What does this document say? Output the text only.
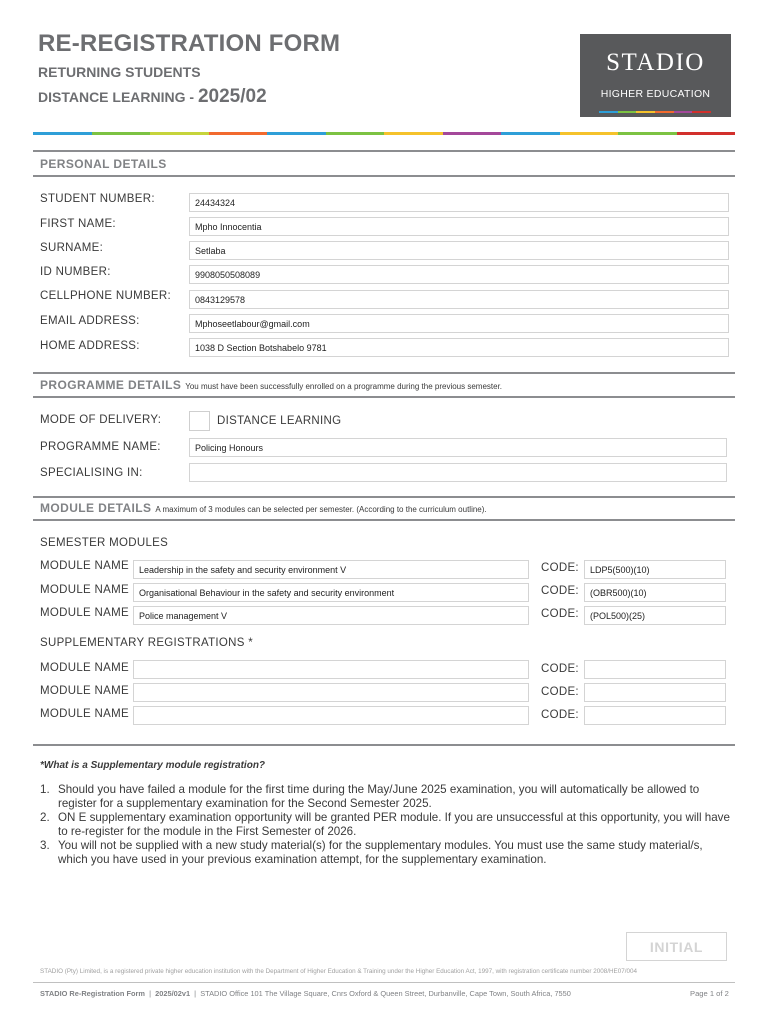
RE-REGISTRATION FORM
RETURNING STUDENTS
DISTANCE LEARNING - 2025/02
STADIO
HIGHER EDUCATION
PERSONAL DETAILS
STUDENT NUMBER:	24434324
FIRST NAME:	Mpho Innocentia
SURNAME:	Setlaba
ID NUMBER:	9908050508089
CELLPHONE NUMBER:	0843129578
EMAIL ADDRESS:	Mphoseetlabour@gmail.com
HOME ADDRESS:	1038 D Section Botshabelo 9781
PROGRAMME DETAILS You must have been successfully enrolled on a programme during the previous semester.
MODE OF DELIVERY:	DISTANCE LEARNING
PROGRAMME NAME:	Policing Honours
SPECIALISING IN:
MODULE DETAILS A maximum of 3 modules can be selected per semester. (According to the curriculum outline).
SEMESTER MODULES
MODULE NAME	Leadership in the safety and security environment V	CODE:	LDP5(500)(10)
MODULE NAME	Organisational Behaviour in the safety and security environment	CODE:	(OBR500)(10)
MODULE NAME	Police management V	CODE:	(POL500)(25)
SUPPLEMENTARY REGISTRATIONS *
MODULE NAME	CODE:
MODULE NAME	CODE:
MODULE NAME	CODE:
*What is a Supplementary module registration?
1. Should you have failed a module for the first time during the May/June 2025 examination, you will automatically be allowed to register for a supplementary examination for the Second Semester 2025.
2. ON E supplementary examination opportunity will be granted PER module. If you are unsuccessful at this opportunity, you will have to re-register for the module in the First Semester of 2026.
3. You will not be supplied with a new study material(s) for the supplementary modules. You must use the same study material/s, which you have used in your previous examination attempt, for the supplementary examination.
INITIAL
STADIO (Pty) Limited, is a registered private higher education institution with the Department of Higher Education & Training under the Higher Education Act, 1997, with registration certificate number 2008/HE07/004
STADIO Re-Registration Form  |  2025/02v1  |  STADIO Office 101 The Village Square, Cnrs Oxford & Queen Street, Durbanville, Cape Town, South Africa, 7550	Page 1 of 2
